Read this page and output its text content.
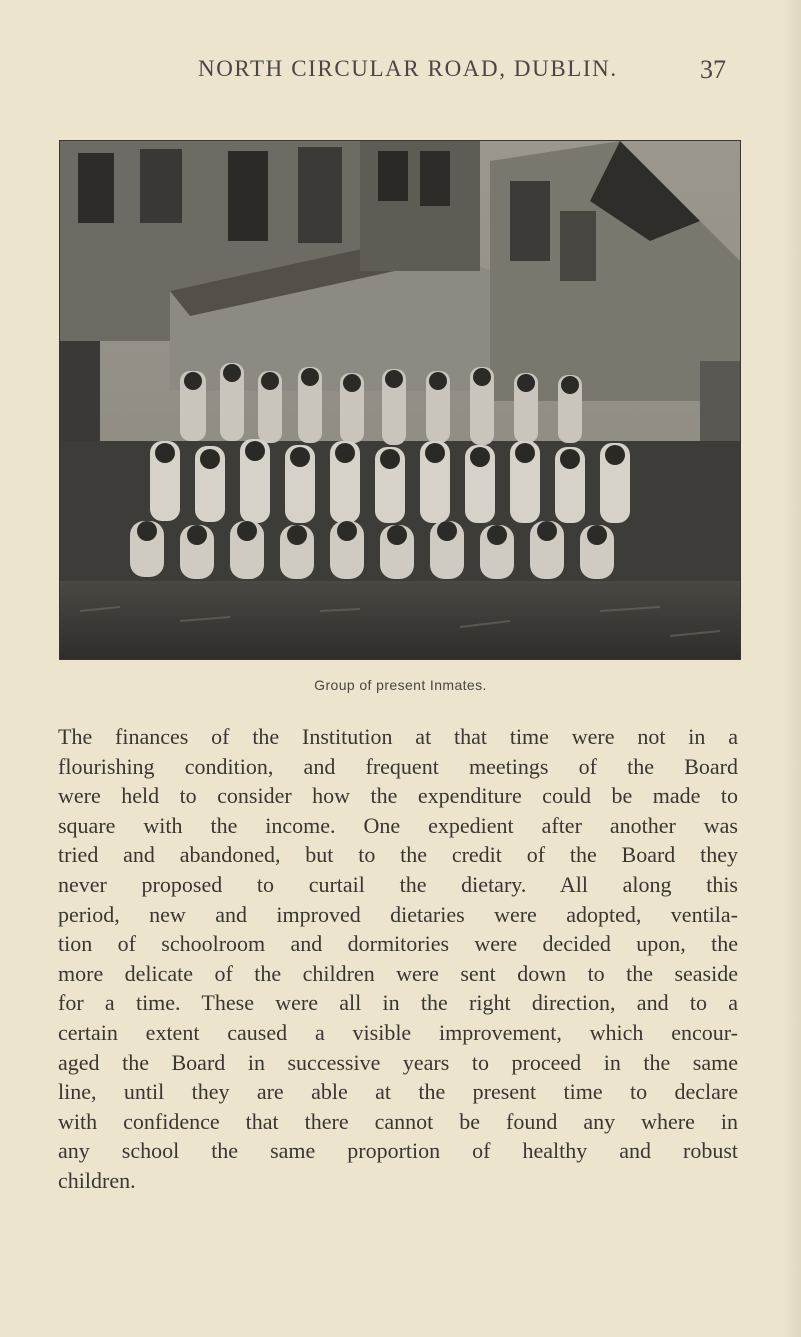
NORTH CIRCULAR ROAD, DUBLIN.	37
Group of present Inmates.

The finances of the Institution at that time were not in a
flourishing condition, and frequent meetings of the Board
were held to consider how the expenditure could be made to
square with the income. One expedient after another was
tried and abandoned, but to the credit of the Board they
never proposed to curtail the dietary. All along this
period, new and improved dietaries were adopted, ventila-
tion of schoolroom and dormitories were decided upon, the
more delicate of the children were sent down to the seaside
for a time. These were all in the right direction, and to a
certain extent caused a visible improvement, which encour-
aged the Board in successive years to proceed in the same
line, until they are able at the present time to declare
with confidence that there cannot be found any where in
any school the same proportion of healthy and robust
children.
